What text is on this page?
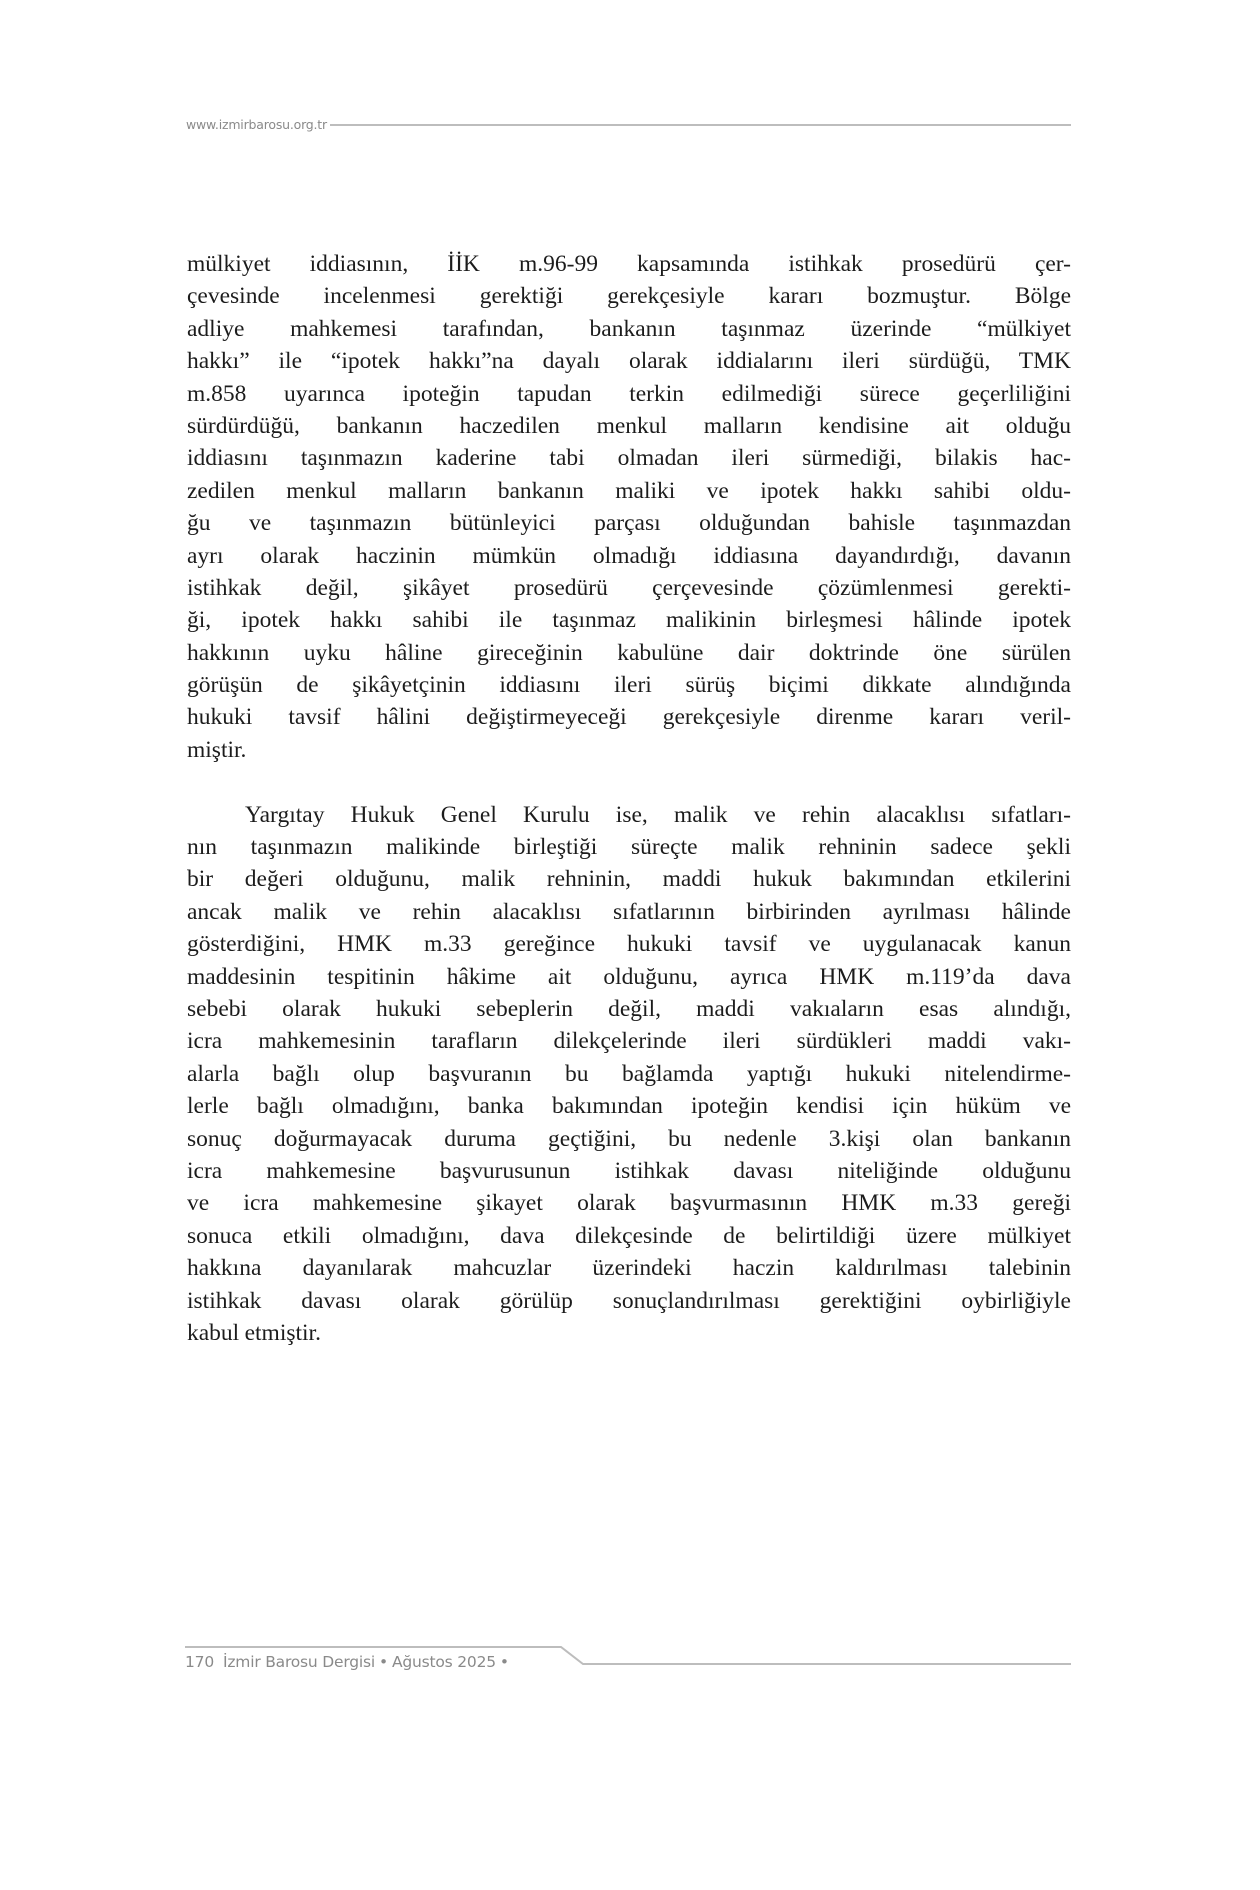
www.izmirbarosu.org.tr
mülkiyet iddiasının, İİK m.96-99 kapsamında istihkak prosedürü çer-
çevesinde incelenmesi gerektiği gerekçesiyle kararı bozmuştur. Bölge
adliye mahkemesi tarafından, bankanın taşınmaz üzerinde “mülkiyet
hakkı” ile “ipotek hakkı”na dayalı olarak iddialarını ileri sürdüğü, TMK
m.858 uyarınca ipoteğin tapudan terkin edilmediği sürece geçerliliğini
sürdürdüğü, bankanın haczedilen menkul malların kendisine ait olduğu
iddiasını taşınmazın kaderine tabi olmadan ileri sürmediği, bilakis hac-
zedilen menkul malların bankanın maliki ve ipotek hakkı sahibi oldu-
ğu ve taşınmazın bütünleyici parçası olduğundan bahisle taşınmazdan
ayrı olarak haczinin mümkün olmadığı iddiasına dayandırdığı, davanın
istihkak değil, şikâyet prosedürü çerçevesinde çözümlenmesi gerekti-
ği, ipotek hakkı sahibi ile taşınmaz malikinin birleşmesi hâlinde ipotek
hakkının uyku hâline gireceğinin kabulüne dair doktrinde öne sürülen
görüşün de şikâyetçinin iddiasını ileri sürüş biçimi dikkate alındığında
hukuki tavsif hâlini değiştirmeyeceği gerekçesiyle direnme kararı veril-
miştir.
Yargıtay Hukuk Genel Kurulu ise, malik ve rehin alacaklısı sıfatları-
nın taşınmazın malikinde birleştiği süreçte malik rehninin sadece şekli
bir değeri olduğunu, malik rehninin, maddi hukuk bakımından etkilerini
ancak malik ve rehin alacaklısı sıfatlarının birbirinden ayrılması hâlinde
gösterdiğini, HMK m.33 gereğince hukuki tavsif ve uygulanacak kanun
maddesinin tespitinin hâkime ait olduğunu, ayrıca HMK m.119’da dava
sebebi olarak hukuki sebeplerin değil, maddi vakıaların esas alındığı,
icra mahkemesinin tarafların dilekçelerinde ileri sürdükleri maddi vakı-
alarla bağlı olup başvuranın bu bağlamda yaptığı hukuki nitelendirme-
lerle bağlı olmadığını, banka bakımından ipoteğin kendisi için hüküm ve
sonuç doğurmayacak duruma geçtiğini, bu nedenle 3.kişi olan bankanın
icra mahkemesine başvurusunun istihkak davası niteliğinde olduğunu
ve icra mahkemesine şikayet olarak başvurmasının HMK m.33 gereği
sonuca etkili olmadığını, dava dilekçesinde de belirtildiği üzere mülkiyet
hakkına dayanılarak mahcuzlar üzerindeki haczin kaldırılması talebinin
istihkak davası olarak görülüp sonuçlandırılması gerektiğini oybirliğiyle
kabul etmiştir.
170 İzmir Barosu Dergisi • Ağustos 2025 •
